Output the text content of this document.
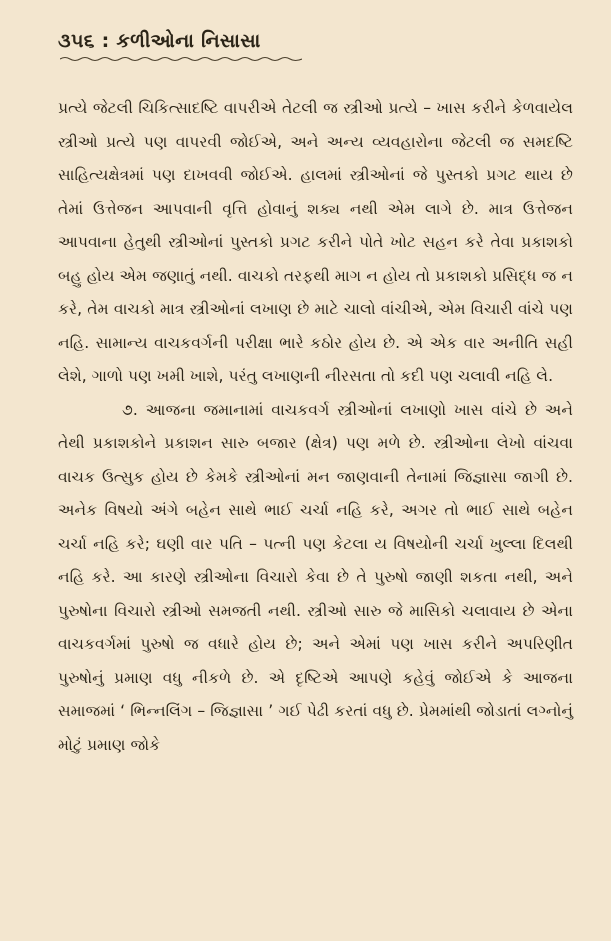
૩૫૬ : કળીઓના નિસાસા

પ્રત્યે જેટલી ચિકિત્સાદષ્ટિ વાપરીએ તેટલી જ સ્ત્રીઓ પ્રત્યે – ખાસ કરીને કેળવાયેલ સ્ત્રીઓ પ્રત્યે પણ વાપરવી જોઈએ, અને અન્ય વ્યવહારોના જેટલી જ સમદષ્ટિ સાહિત્યક્ષેત્રમાં પણ દાખવવી જોઈએ. હાલમાં સ્ત્રીઓનાં જે પુસ્તકો પ્રગટ થાય છે તેમાં ઉત્તેજન આપવાની વૃત્તિ હોવાનું શક્ય નથી એમ લાગે છે. માત્ર ઉત્તેજન આપવાના હેતુથી સ્ત્રીઓનાં પુસ્તકો પ્રગટ કરીને પોતે ખોટ સહન કરે તેવા પ્રકાશકો બહુ હોય એમ જણાતું નથી. વાચકો તરફથી માગ ન હોય તો પ્રકાશકો પ્રસિદ્ધ જ ન કરે, તેમ વાચકો માત્ર સ્ત્રીઓનાં લખાણ છે માટે ચાલો વાંચીએ, એમ વિચારી વાંચે પણ નહિ. સામાન્ય વાચકવર્ગની પરીક્ષા ભારે કઠોર હોય છે. એ એક વાર અનીતિ સહી લેશે, ગાળો પણ ખમી ખાશે, પરંતુ લખાણની નીરસતા તો કદી પણ ચલાવી નહિ લે.

૭. આજના જમાનામાં વાચકવર્ગ સ્ત્રીઓનાં લખાણો ખાસ વાંચે છે અને તેથી પ્રકાશકોને પ્રકાશન સારુ બજાર (ક્ષેત્ર) પણ મળે છે. સ્ત્રીઓના લેખો વાંચવા વાચક ઉત્સુક હોય છે કેમકે સ્ત્રીઓનાં મન જાણવાની તેનામાં જિજ્ઞાસા જાગી છે. અનેક વિષયો અંગે બહેન સાથે ભાઈ ચર્ચા નહિ કરે, અગર તો ભાઈ સાથે બહેન ચર્ચા નહિ કરે; ઘણી વાર પતિ – પત્ની પણ કેટલા ય વિષયોની ચર્ચા ખુલ્લા દિલથી નહિ કરે. આ કારણે સ્ત્રીઓના વિચારો કેવા છે તે પુરુષો જાણી શકતા નથી, અને પુરુષોના વિચારો સ્ત્રીઓ સમજતી નથી. સ્ત્રીઓ સારુ જે માસિકો ચલાવાય છે એના વાચકવર્ગમાં પુરુષો જ વધારે હોય છે; અને એમાં પણ ખાસ કરીને અપરિણીત પુરુષોનું પ્રમાણ વધુ નીકળે છે. એ દૃષ્ટિએ આપણે કહેવું જોઈએ કે આજના સમાજમાં ‘ ભિન્નલિંગ – જિજ્ઞાસા ’ ગઈ પેઢી કરતાં વધુ છે. પ્રેમમાંથી જોડાતાં લગ્નોનું મોટું પ્રમાણ જોકે
